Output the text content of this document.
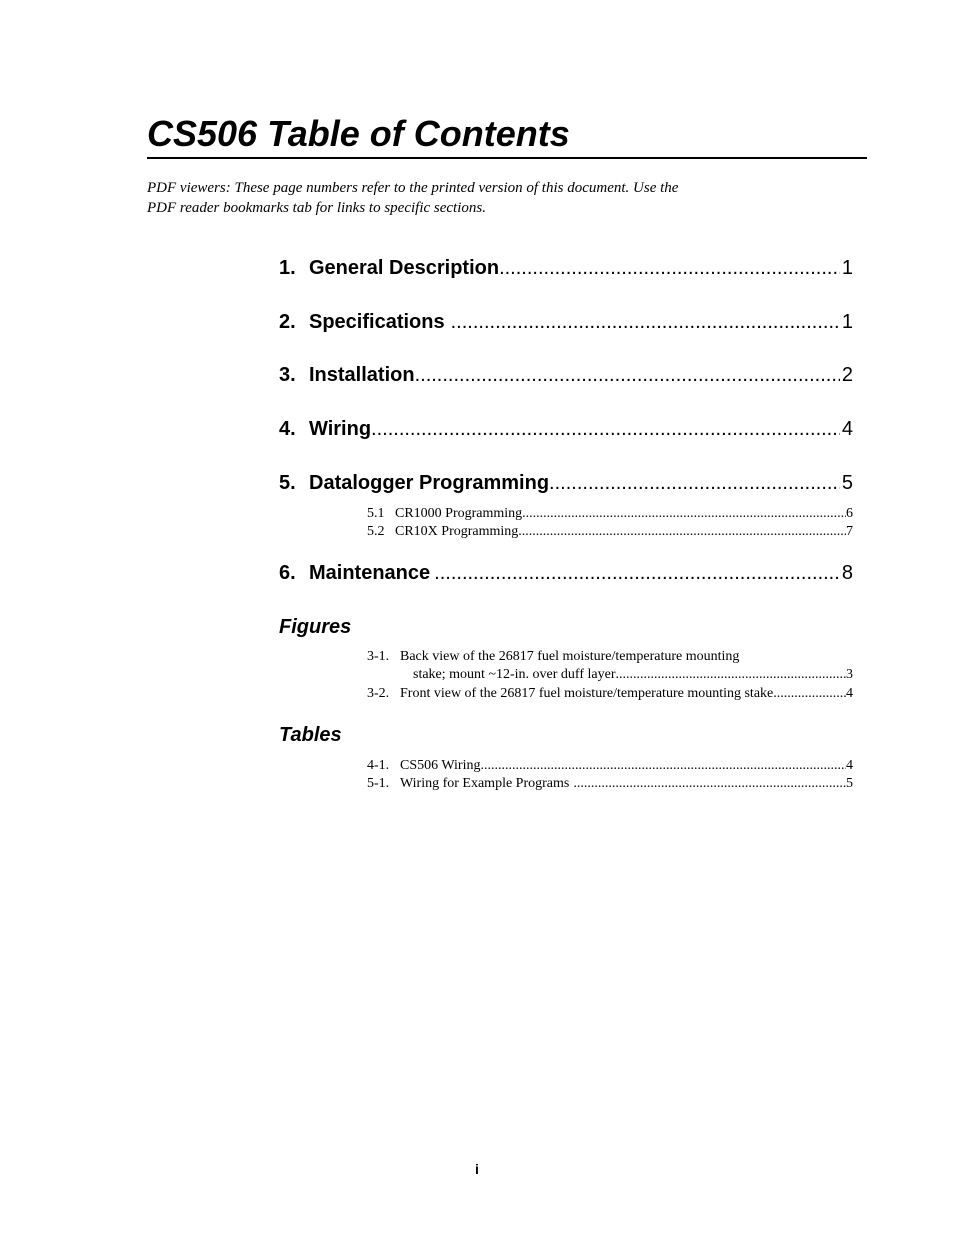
CS506 Table of Contents
PDF viewers: These page numbers refer to the printed version of this document. Use the
PDF reader bookmarks tab for links to specific sections.
1. General Description .....	1
2. Specifications .....	1
3. Installation .....	2
4. Wiring .....	4
5. Datalogger Programming .....	5
5.1 CR1000 Programming .....	6
5.2 CR10X Programming .....	7
6. Maintenance .....	8
Figures
3-1. Back view of the 26817 fuel moisture/temperature mounting
stake; mount ~12-in. over duff layer .....	3
3-2. Front view of the 26817 fuel moisture/temperature mounting stake .....	4
Tables
4-1. CS506 Wiring .....	4
5-1. Wiring for Example Programs .....	5
i
